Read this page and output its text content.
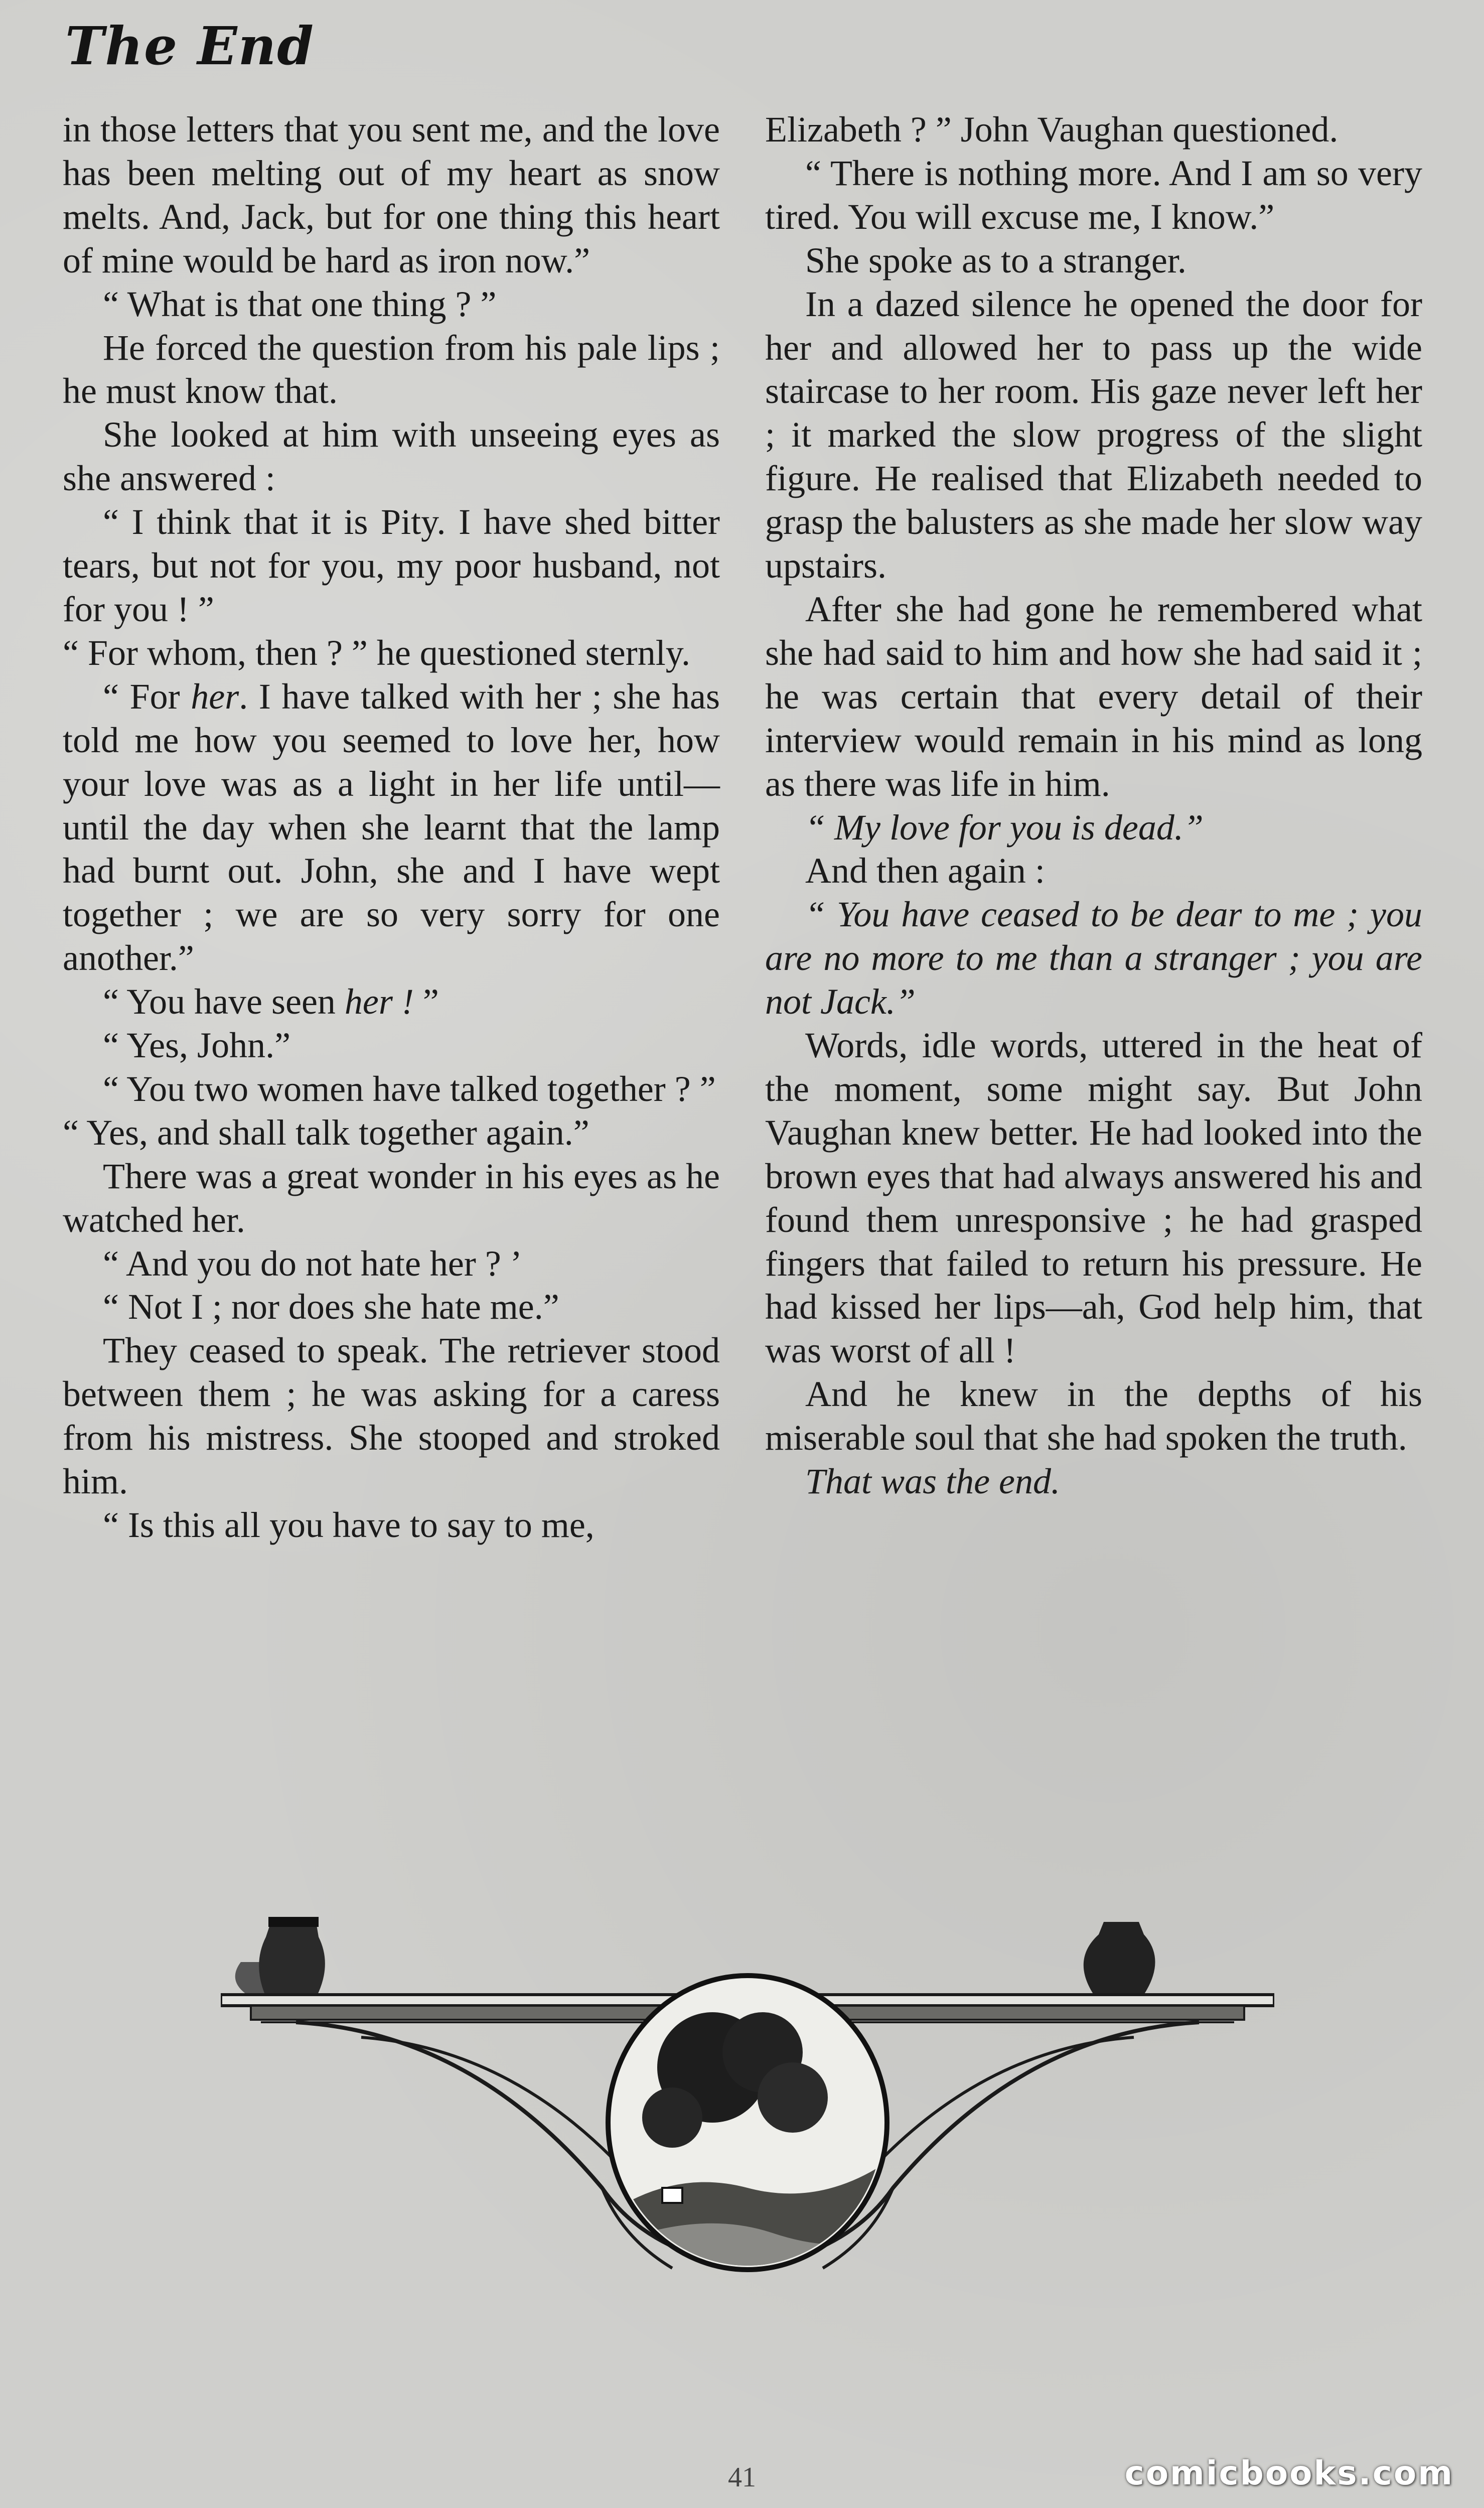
The End

in those letters that you sent me, and the love has been melting out of my heart as snow melts. And, Jack, but for one thing this heart of mine would be hard as iron now.”

“ What is that one thing ? ”

He forced the question from his pale lips ; he must know that.

She looked at him with unseeing eyes as she answered :

“ I think that it is Pity. I have shed bitter tears, but not for you, my poor husband, not for you ! ”

“ For whom, then ? ” he questioned sternly.

“ For her. I have talked with her ; she has told me how you seemed to love her, how your love was as a light in her life until—until the day when she learnt that the lamp had burnt out. John, she and I have wept together ; we are so very sorry for one another.”

“ You have seen her ! ”

“ Yes, John.”

“ You two women have talked together ? ”

“ Yes, and shall talk together again.”

There was a great wonder in his eyes as he watched her.

“ And you do not hate her ? ’

“ Not I ; nor does she hate me.”

They ceased to speak. The retriever stood between them ; he was asking for a caress from his mistress. She stooped and stroked him.

“ Is this all you have to say to me,

Elizabeth ? ” John Vaughan questioned.

“ There is nothing more. And I am so very tired. You will excuse me, I know.”

She spoke as to a stranger.

In a dazed silence he opened the door for her and allowed her to pass up the wide staircase to her room. His gaze never left her ; it marked the slow progress of the slight figure. He realised that Elizabeth needed to grasp the balusters as she made her slow way upstairs.

After she had gone he remembered what she had said to him and how she had said it ; he was certain that every detail of their interview would remain in his mind as long as there was life in him.

“ My love for you is dead.”

And then again :

“ You have ceased to be dear to me ; you are no more to me than a stranger ; you are not Jack.”

Words, idle words, uttered in the heat of the moment, some might say. But John Vaughan knew better. He had looked into the brown eyes that had always answered his and found them unresponsive ; he had grasped fingers that failed to return his pressure. He had kissed her lips—ah, God help him, that was worst of all !

And he knew in the depths of his miserable soul that she had spoken the truth.

That was the end.

41	comicbooks.com
